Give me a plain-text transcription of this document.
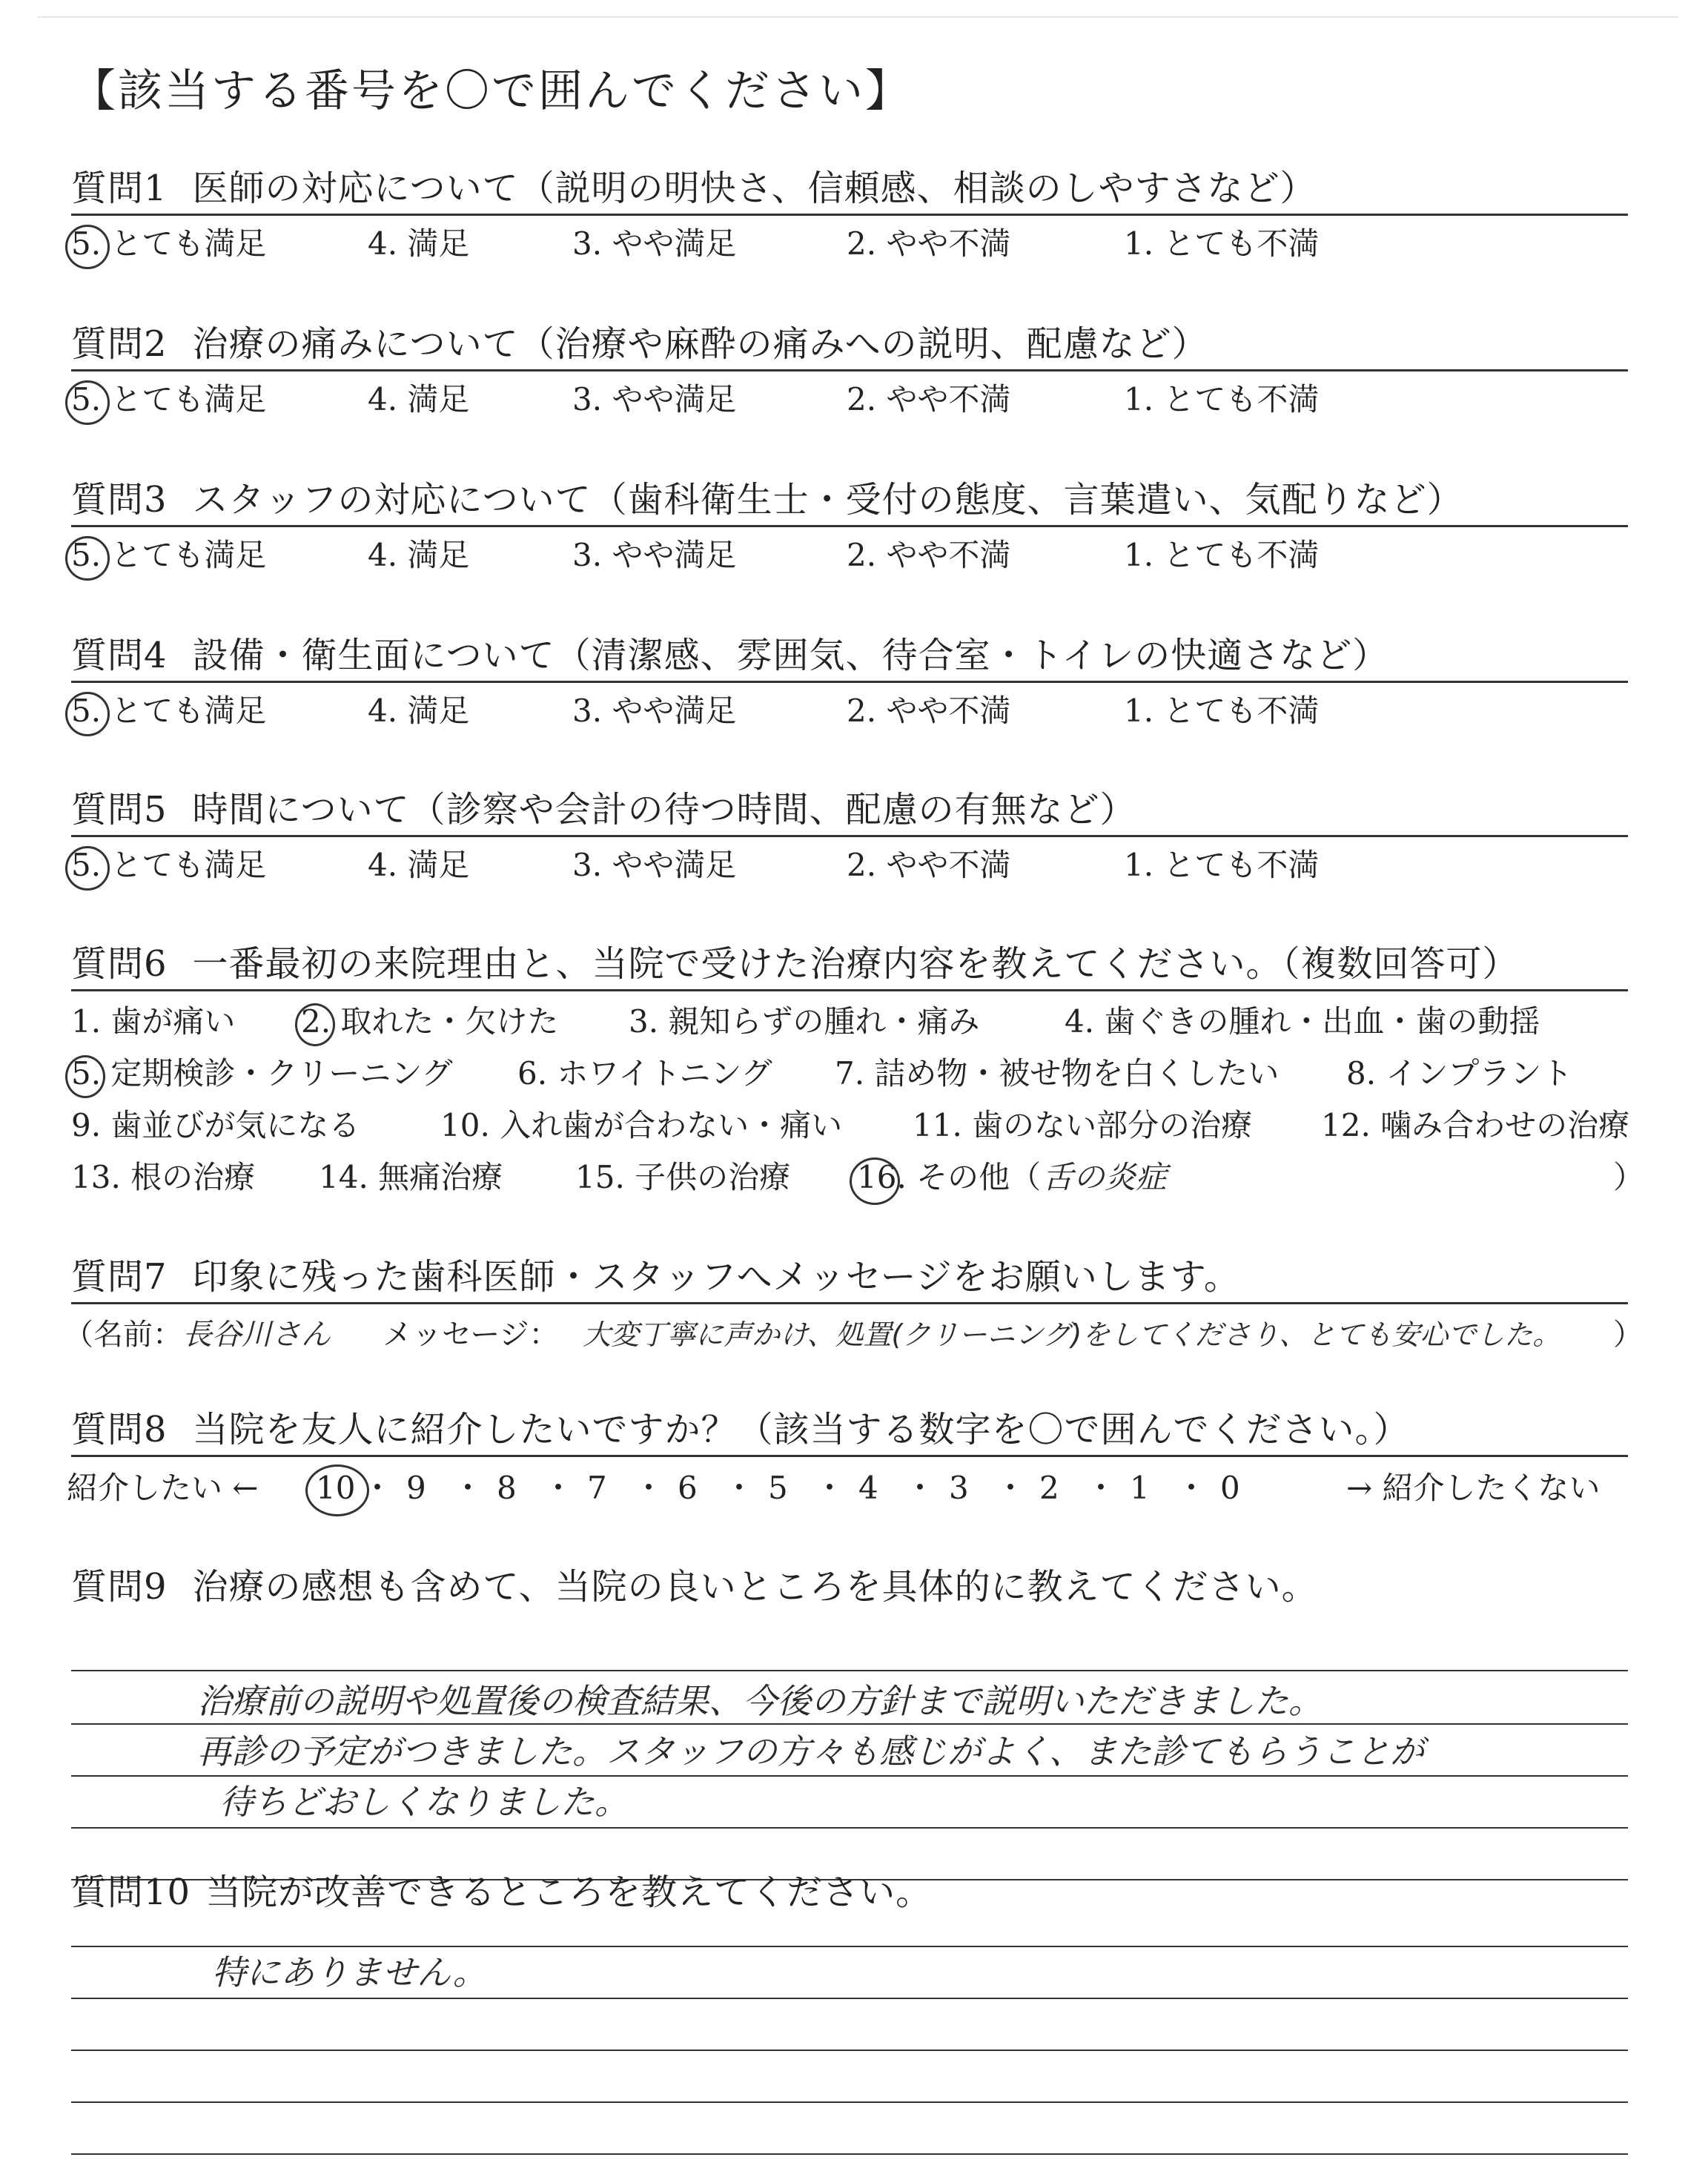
【該当する番号を〇で囲んでください】
質問1 医師の対応について（説明の明快さ、信頼感、相談のしやすさなど）
5. とても満足	4. 満足	3. やや満足	2. やや不満	1. とても不満
質問2 治療の痛みについて（治療や麻酔の痛みへの説明、配慮など）
5. とても満足	4. 満足	3. やや満足	2. やや不満	1. とても不満
質問3 スタッフの対応について（歯科衛生士・受付の態度、言葉遣い、気配りなど）
5. とても満足	4. 満足	3. やや満足	2. やや不満	1. とても不満
質問4 設備・衛生面について（清潔感、雰囲気、待合室・トイレの快適さなど）
5. とても満足	4. 満足	3. やや満足	2. やや不満	1. とても不満
質問5 時間について（診察や会計の待つ時間、配慮の有無など）
5. とても満足	4. 満足	3. やや満足	2. やや不満	1. とても不満
質問6 一番最初の来院理由と、当院で受けた治療内容を教えてください。（複数回答可）
1. 歯が痛い 2. 取れた・欠けた 3. 親知らずの腫れ・痛み	4. 歯ぐきの腫れ・出血・歯の動揺
5. 定期検診・クリーニング 6. ホワイトニング 7. 詰め物・被せ物を白くしたい 8. インプラント
9. 歯並びが気になる	10. 入れ歯が合わない・痛い 11. 歯のない部分の治療 12. 噛み合わせの治療
13. 根の治療 14. 無痛治療 15. 子供の治療 16. その他（ 舌の炎症	）
質問7 印象に残った歯科医師・スタッフへメッセージをお願いします。
（名前： 長谷川さん メッセージ： 大変丁寧に声かけ、処置(クリーニング)をしてくださり、とても安心でした。 ）
質問8 当院を友人に紹介したいですか？（該当する数字を〇で囲んでください。）
紹介したい ←	→ 紹介したくない
10 ・ 9 ・ 8 ・ 7 ・ 6 ・ 5 ・ 4 ・ 3 ・ 2 ・ 1 ・ 0
質問9 治療の感想も含めて、当院の良いところを具体的に教えてください。
治療前の説明や処置後の検査結果、今後の方針まで説明いただきました。
再診の予定がつきました。スタッフの方々も感じがよく、また診てもらうことが
待ちどおしくなりました。
質問10 当院が改善できるところを教えてください。
特にありません。
